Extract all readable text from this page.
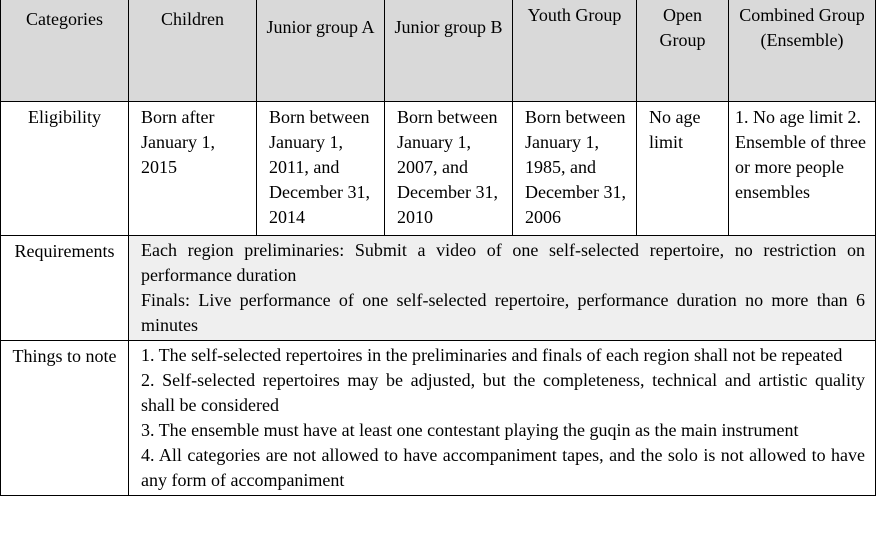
Categories	Children	Junior group A	Junior group B	Youth Group	Open Group	Combined Group (Ensemble)
Eligibility	Born after January 1, 2015	Born between January 1, 2011, and December 31, 2014	Born between January 1, 2007, and December 31, 2010	Born between January 1, 1985, and December 31, 2006	No age limit	1. No age limit 2. Ensemble of three or more people ensembles
Requirements	Each region preliminaries: Submit a video of one self-selected repertoire, no restriction on performance duration
Finals: Live performance of one self-selected repertoire, performance duration no more than 6 minutes					

Things to note	1. The self-selected repertoires in the preliminaries and finals of each region shall not be repeated
2. Self-selected repertoires may be adjusted, but the completeness, technical and artistic quality shall be considered
3. The ensemble must have at least one contestant playing the guqin as the main instrument
4. All categories are not allowed to have accompaniment tapes, and the solo is not allowed to have any form of accompaniment					
